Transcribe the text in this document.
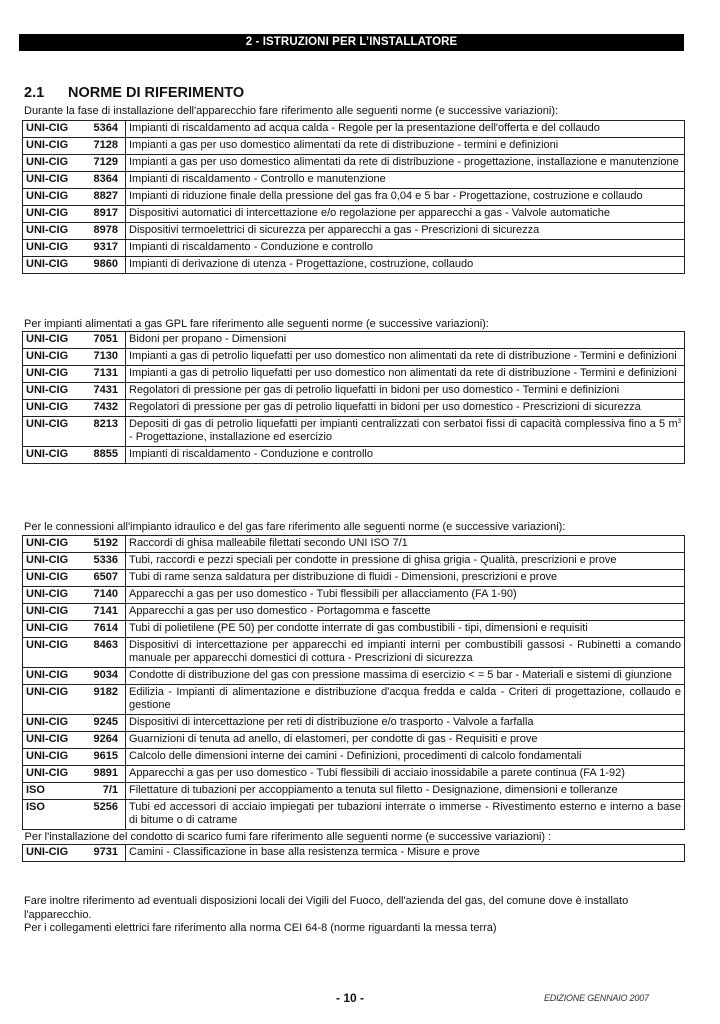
2 - ISTRUZIONI PER L’INSTALLATORE
2.1 NORME DI RIFERIMENTO
Durante la fase di installazione dell'apparecchio fare riferimento alle seguenti norme (e successive variazioni):
UNI-CIG 5364	Impianti di riscaldamento ad acqua calda - Regole per la presentazione dell'offerta e del collaudo
UNI-CIG 7128	Impianti a gas per uso domestico alimentati da rete di distribuzione - termini e definizioni
UNI-CIG 7129	Impianti a gas per uso domestico alimentati da rete di distribuzione - progettazione, installazione e manutenzione
UNI-CIG 8364	Impianti di riscaldamento - Controllo e manutenzione
UNI-CIG 8827	Impianti di riduzione finale della pressione del gas fra 0,04 e 5 bar - Progettazione, costruzione e collaudo
UNI-CIG 8917	Dispositivi automatici di intercettazione e/o regolazione per apparecchi a gas - Valvole automatiche
UNI-CIG 8978	Dispositivi termoelettrici di sicurezza per apparecchi a gas - Prescrizioni di sicurezza
UNI-CIG 9317	Impianti di riscaldamento - Conduzione e controllo
UNI-CIG 9860	Impianti di derivazione di utenza - Progettazione, costruzione, collaudo
Per impianti alimentati a gas GPL fare riferimento alle seguenti norme (e successive variazioni):
UNI-CIG 7051	Bidoni per propano - Dimensioni
UNI-CIG 7130	Impianti a gas di petrolio liquefatti per uso domestico non alimentati da rete di distribuzione - Termini e definizioni
UNI-CIG 7131	Impianti a gas di petrolio liquefatti per uso domestico non alimentati da rete di distribuzione - Termini e definizioni
UNI-CIG 7431	Regolatori di pressione per gas di petrolio liquefatti in bidoni per uso domestico - Termini e definizioni
UNI-CIG 7432	Regolatori di pressione per gas di petrolio liquefatti in bidoni per uso domestico - Prescrizioni di sicurezza
UNI-CIG 8213	Depositi di gas di petrolio liquefatti per impianti centralizzati con serbatoi fissi di capacità complessiva fino a 5 $m^3$ - Progettazione, installazione ed esercizio
UNI-CIG 8855	Impianti di riscaldamento - Conduzione e controllo
Per le connessioni all'impianto idraulico e del gas fare riferimento alle seguenti norme (e successive variazioni):
UNI-CIG 5192	Raccordi di ghisa malleabile filettati secondo UNI ISO 7/1
UNI-CIG 5336	Tubi, raccordi e pezzi speciali per condotte in pressione di ghisa grigia - Qualità, prescrizioni e prove
UNI-CIG 6507	Tubi di rame senza saldatura per distribuzione di fluidi - Dimensioni, prescrizioni e prove
UNI-CIG 7140	Apparecchi a gas per uso domestico - Tubi flessibili per allacciamento (FA 1-90)
UNI-CIG 7141	Apparecchi a gas per uso domestico - Portagomma e fascette
UNI-CIG 7614	Tubi di polietilene (PE 50) per condotte interrate di gas combustibili - tipi, dimensioni e requisiti
UNI-CIG 8463	Dispositivi di intercettazione per apparecchi ed impianti interni per combustibili gassosi - Rubinetti a comando manuale per apparecchi domestici di cottura - Prescrizioni di sicurezza
UNI-CIG 9034	Condotte di distribuzione del gas con pressione massima di esercizio < = 5 bar - Materiali e sistemi di giunzione
UNI-CIG 9182	Edilizia - Impianti di alimentazione e distribuzione d'acqua fredda e calda - Criteri di progettazione, collaudo e gestione
UNI-CIG 9245	Dispositivi di intercettazione per reti di distribuzione e/o trasporto - Valvole a farfalla
UNI-CIG 9264	Guarnizioni di tenuta ad anello, di elastomeri, per condotte di gas - Requisiti e prove
UNI-CIG 9615	Calcolo delle dimensioni interne dei camini - Definizioni, procedimenti di calcolo fondamentali
UNI-CIG 9891	Apparecchi a gas per uso domestico - Tubi flessibili di acciaio inossidabile a parete continua (FA 1-92)
ISO 7/1	Filettature di tubazioni per accoppiamento a tenuta sul filetto - Designazione, dimensioni e tolleranze
ISO 5256	Tubi ed accessori di acciaio impiegati per tubazioni interrate o immerse - Rivestimento esterno e interno a base di bitume o di catrame
Per l'installazione del condotto di scarico fumi fare riferimento alle seguenti norme (e successive variazioni) :	
UNI-CIG 9731	Camini - Classificazione in base alla resistenza termica - Misure e prove
Fare inoltre riferimento ad eventuali disposizioni locali dei Vigili del Fuoco, dell'azienda del gas, del comune dove è installato l'apparecchio.
Per i collegamenti elettrici fare riferimento alla norma CEI 64-8 (norme riguardanti la messa terra)
- 10 -	EDIZIONE GENNAIO 2007
